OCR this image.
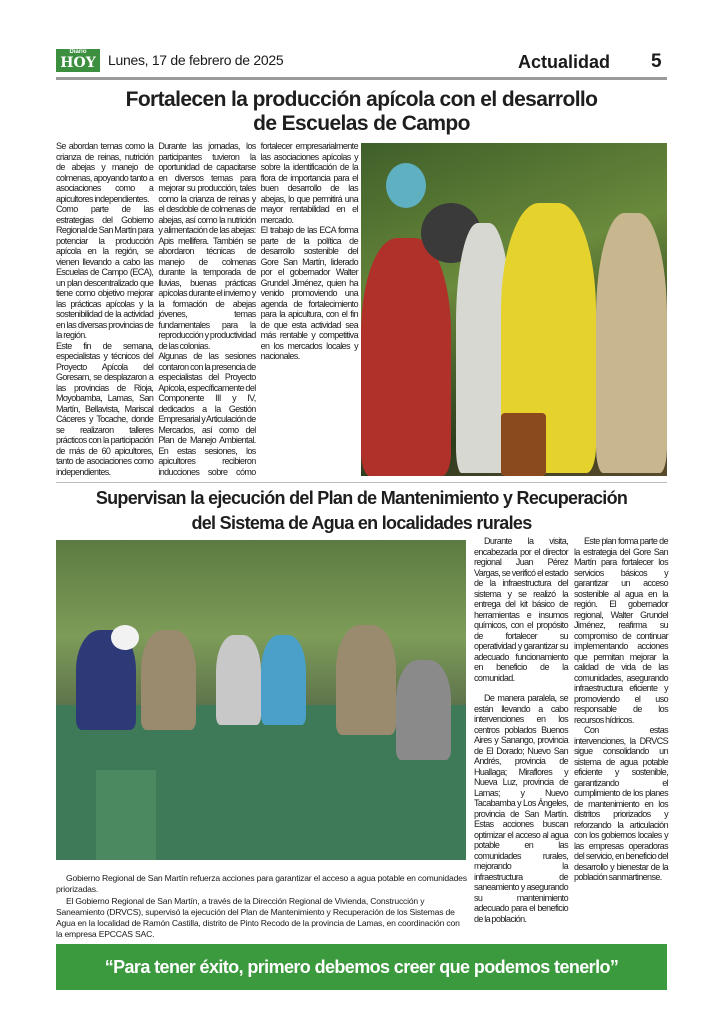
Diario
HOY Lunes, 17 de febrero de 2025	Actualidad 5
Fortalecen la producción apícola con el desarrollo
de Escuelas de Campo

Se abordan temas como la crianza de reinas, nutrición de abejas y manejo de colmenas, apoyando tanto a asociaciones como a apicultores independientes.

Como parte de las estrategias del Gobierno Regional de San Martín para potenciar la producción apícola en la región, se vienen llevando a cabo las Escuelas de Campo (ECA), un plan descentralizado que tiene como objetivo mejorar las prácticas apícolas y la sostenibilidad de la actividad en las diversas provincias de la región.

Este fin de semana, especialistas y técnicos del Proyecto Apícola del Goresam, se desplazaron a las provincias de Rioja, Moyobamba, Lamas, San Martín, Bellavista, Mariscal Cáceres y Tocache, donde se realizaron talleres prácticos con la participación de más de 60 apicultores, tanto de asociaciones como independientes.

Durante las jornadas, los participantes tuvieron la oportunidad de capacitarse en diversos temas para mejorar su producción, tales como la crianza de reinas y el desdoble de colmenas de abejas, así como la nutrición y alimentación de las abejas: Apis mellifera. También se abordaron técnicas de manejo de colmenas durante la temporada de lluvias, buenas prácticas apícolas durante el invierno y la formación de abejas jóvenes, temas fundamentales para la reproducción y productividad de las colonias.

Algunas de las sesiones contaron con la presencia de especialistas del Proyecto Apícola, específicamente del Componente III y IV, dedicados a la Gestión Empresarial y Articulación de Mercados, así como del Plan de Manejo Ambiental. En estas sesiones, los apicultores recibieron inducciones sobre cómo fortalecer empresarialmente las asociaciones apícolas y sobre la identificación de la flora de importancia para el buen desarrollo de las abejas, lo que permitirá una mayor rentabilidad en el mercado.

El trabajo de las ECA forma parte de la política de desarrollo sostenible del Gore San Martín, liderado por el gobernador Walter Grundel Jiménez, quien ha venido promoviendo una agenda de fortalecimiento para la apicultura, con el fin de que esta actividad sea más rentable y competitiva en los mercados locales y nacionales.

Supervisan la ejecución del Plan de Mantenimiento y Recuperación
del Sistema de Agua en localidades rurales

Gobierno Regional de San Martín refuerza acciones para garantizar el acceso a agua potable en comunidades priorizadas.

El Gobierno Regional de San Martín, a través de la Dirección Regional de Vivienda, Construcción y Saneamiento (DRVCS), supervisó la ejecución del Plan de Mantenimiento y Recuperación de los Sistemas de Agua en la localidad de Ramón Castilla, distrito de Pinto Recodo de la provincia de Lamas, en coordinación con la empresa EPCCAS SAC.

Durante la visita, encabezada por el director regional Juan Pérez Vargas, se verificó el estado de la infraestructura del sistema y se realizó la entrega del kit básico de herramientas e insumos químicos, con el propósito de fortalecer su operatividad y garantizar su adecuado funcionamiento en beneficio de la comunidad.

De manera paralela, se están llevando a cabo intervenciones en los centros poblados Buenos Aires y Sanango, provincia de El Dorado; Nuevo San Andrés, provincia de Huallaga; Miraflores y Nueva Luz, provincia de Lamas; y Nuevo Tacabamba y Los Ángeles, provincia de San Martín. Estas acciones buscan optimizar el acceso al agua potable en las comunidades rurales, mejorando la infraestructura de saneamiento y asegurando su mantenimiento adecuado para el beneficio de la población.

Este plan forma parte de la estrategia del Gore San Martín para fortalecer los servicios básicos y garantizar un acceso sostenible al agua en la región. El gobernador regional, Walter Grundel Jiménez, reafirma su compromiso de continuar implementando acciones que permitan mejorar la calidad de vida de las comunidades, asegurando infraestructura eficiente y promoviendo el uso responsable de los recursos hídricos.

Con estas intervenciones, la DRVCS sigue consolidando un sistema de agua potable eficiente y sostenible, garantizando el cumplimiento de los planes de mantenimiento en los distritos priorizados y reforzando la articulación con los gobiernos locales y las empresas operadoras del servicio, en beneficio del desarrollo y bienestar de la población sanmartinense.

“Para tener éxito, primero debemos creer que podemos tenerlo”
